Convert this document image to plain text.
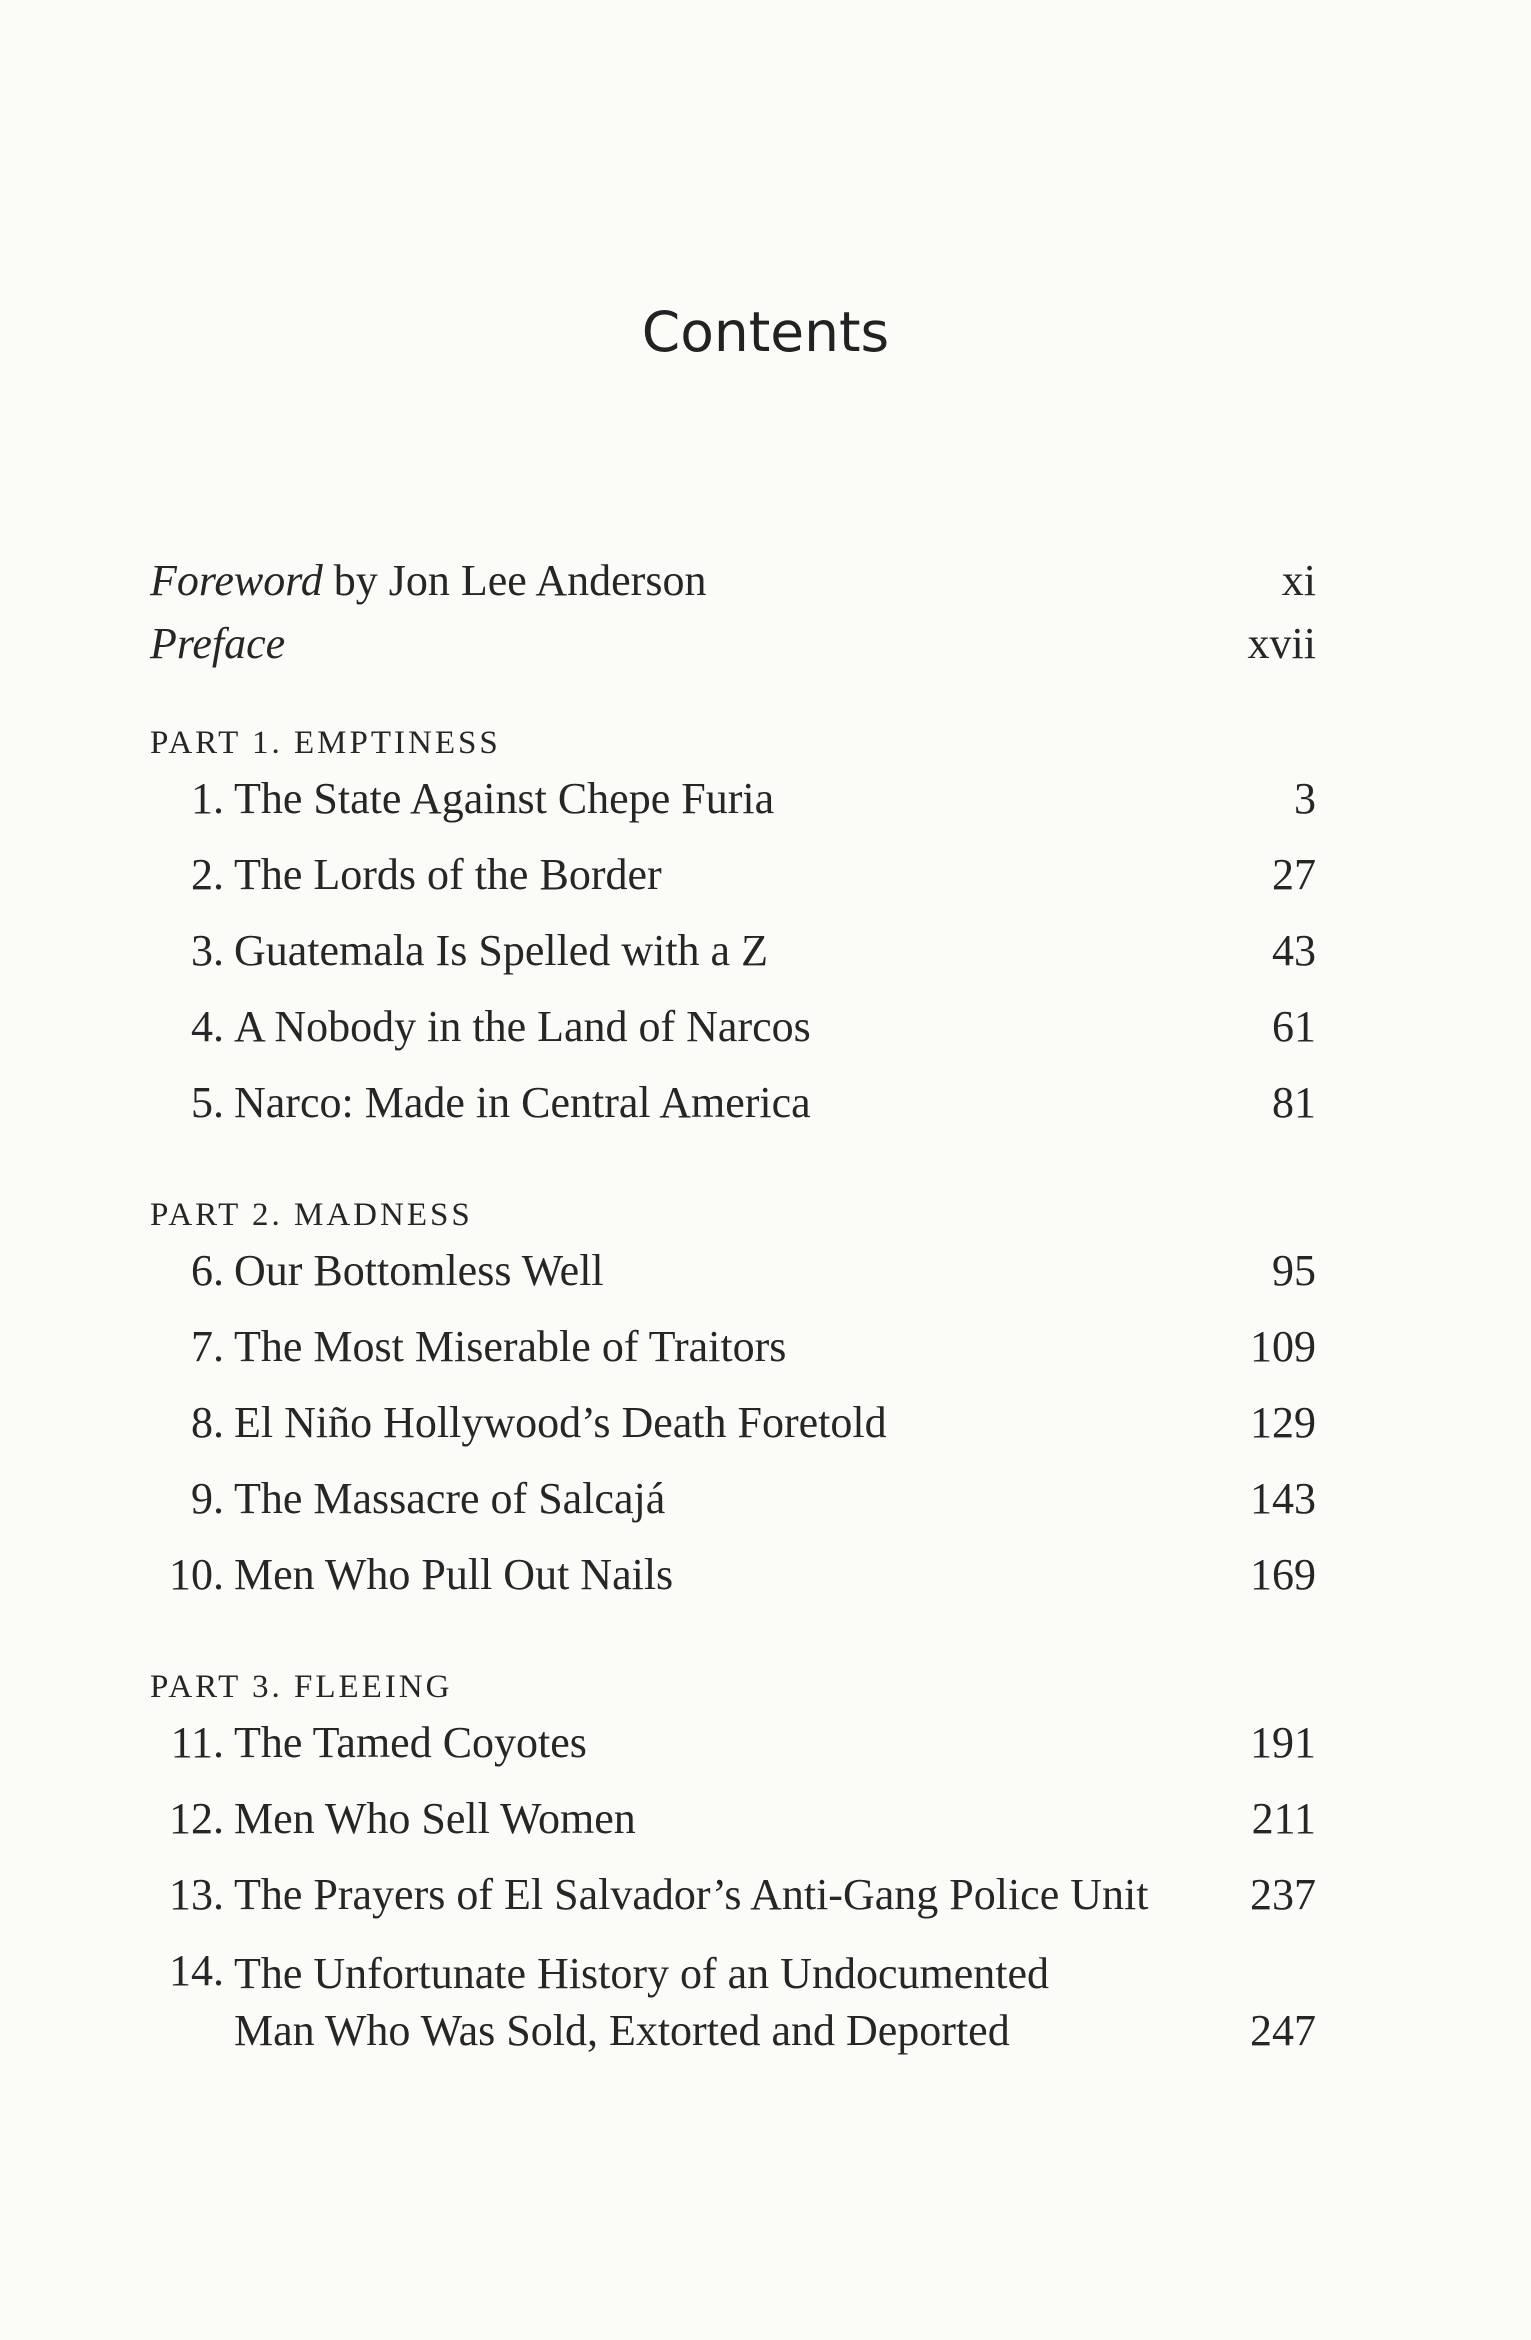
Contents
Foreword by Jon Lee Anderson	xi
Preface	xvii
PART 1. EMPTINESS
1. The State Against Chepe Furia	3
2. The Lords of the Border	27
3. Guatemala Is Spelled with a Z	43
4. A Nobody in the Land of Narcos	61
5. Narco: Made in Central America	81
PART 2. MADNESS
6. Our Bottomless Well	95
7. The Most Miserable of Traitors	109
8. El Niño Hollywood’s Death Foretold	129
9. The Massacre of Salcajá	143
10. Men Who Pull Out Nails	169
PART 3. FLEEING
11. The Tamed Coyotes	191
12. Men Who Sell Women	211
13. The Prayers of El Salvador’s Anti-Gang Police Unit	237
14. The Unfortunate History of an Undocumented
Man Who Was Sold, Extorted and Deported	247
